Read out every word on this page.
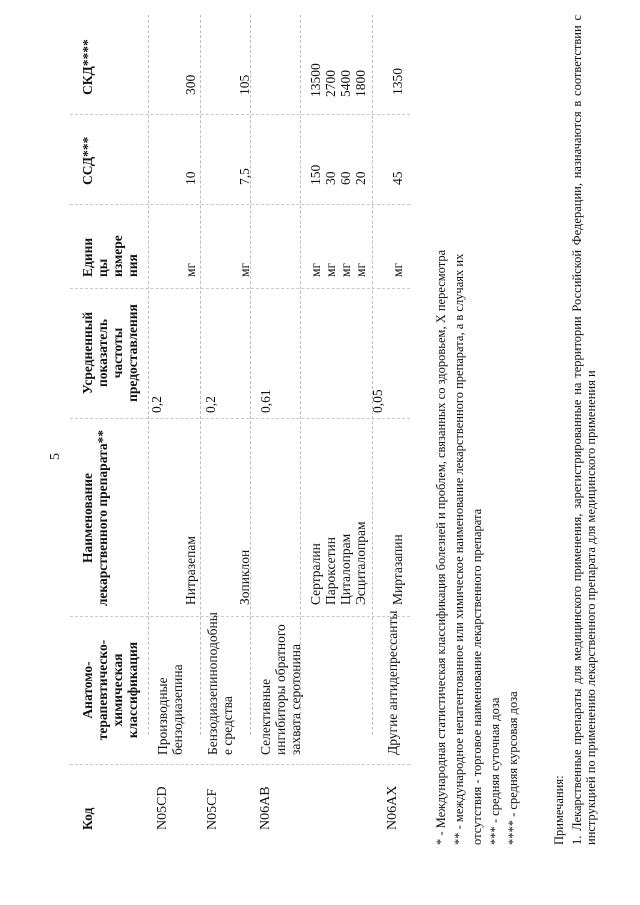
5
Код
Анатомо- терапевтическо- химическая классификация
Наименование лекарственного препарата**
Усредненный показатель частоты предоставления
Едини цы измере ния
ССД***
СКД****
N05CD
Производные бензодиазепина
0,2
Нитразепам
мг
10
300
N05CF
Бензодиазепиноподобны е средства
0,2
Зопиклон
мг
7,5
105
N06AB
Селективные ингибиторы обратного захвата серотонина
0,61
Сертралин Пароксетин Циталопрам Эсциталопрам
мг мг мг мг
150 30 60 20
13500 2700 5400 1800
N06AX
Другие антидепрессанты
0,05
Миртазапин
мг
45
1350
* - Международная статистическая классификация болезней и проблем, связанных со здоровьем, X пересмотра ** - международное непатентованное или химическое наименование лекарственного препарата, а в случаях их отсутствия - торговое наименование лекарственного препарата *** - средняя суточная доза **** - средняя курсовая доза	Примечания: 1. Лекарственные препараты для медицинского применения, зарегистрированные на территории Российской Федерации, назначаются в соответствии с инструкцией по применению лекарственного препарата для медицинского применения и
